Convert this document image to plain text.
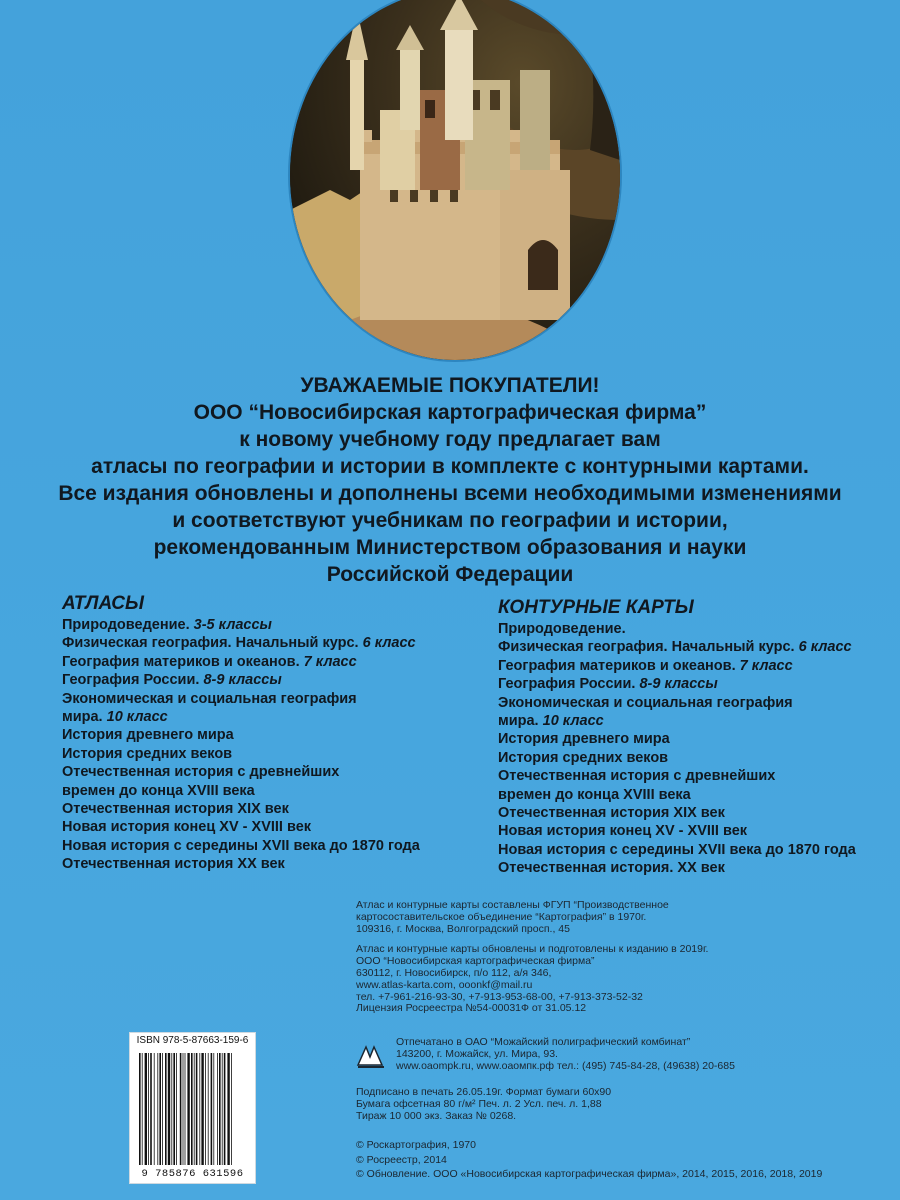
УВАЖАЕМЫЕ ПОКУПАТЕЛИ!
ООО “Новосибирская картографическая фирма”
к новому учебному году предлагает вам
атласы по географии и истории в комплекте с контурными картами.
Все издания обновлены и дополнены всеми необходимыми изменениями
и соответствуют учебникам по географии и истории,
рекомендованным Министерством образования и науки
Российской Федерации
АТЛАСЫ
Природоведение. 3-5 классы
Физическая география. Начальный курс. 6 класс
География материков и океанов. 7 класс
География России. 8-9 классы
Экономическая и социальная география
мира. 10 класс
История древнего мира
История средних веков
Отечественная история с древнейших
времен до конца XVIII века
Отечественная история XIX век
Новая история конец XV - XVIII век
Новая история с середины XVII века до 1870 года
Отечественная история XX век
КОНТУРНЫЕ КАРТЫ
Природоведение.
Физическая география. Начальный курс. 6 класс
География материков и океанов. 7 класс
География России. 8-9 классы
Экономическая и социальная география
мира. 10 класс
История древнего мира
История средних веков
Отечественная история с древнейших
времен до конца XVIII века
Отечественная история XIX век
Новая история конец XV - XVIII век
Новая история с середины XVII века до 1870 года
Отечественная история. XX век
Атлас и контурные карты составлены ФГУП “Производственное
картосоставительское объединение “Картография” в 1970г.
109316, г. Москва, Волгоградский просп., 45
Атлас и контурные карты обновлены и подготовлены к изданию в 2019г.
ООО “Новосибирская картографическая фирма”
630112, г. Новосибирск, п/о 112, а/я 346,
www.atlas-karta.com, ooonkf@mail.ru
тел. +7-961-216-93-30, +7-913-953-68-00, +7-913-373-52-32
Лицензия Росреестра №54-00031Ф от 31.05.12
Отпечатано в ОАО “Можайский полиграфический комбинат”
143200, г. Можайск, ул. Мира, 93.
www.oaompk.ru, www.оаомпк.рф тел.: (495) 745-84-28, (49638) 20-685
Подписано в печать 26.05.19г. Формат бумаги 60х90
Бумага офсетная 80 г/м² Печ. л. 2 Усл. печ. л. 1,88
Тираж 10 000 экз. Заказ № 0268.
© Роскартография, 1970
© Росреестр, 2014
© Обновление. ООО «Новосибирская картографическая фирма», 2014, 2015, 2016, 2018, 2019
ISBN 978-5-87663-159-6
9 785876 631596
